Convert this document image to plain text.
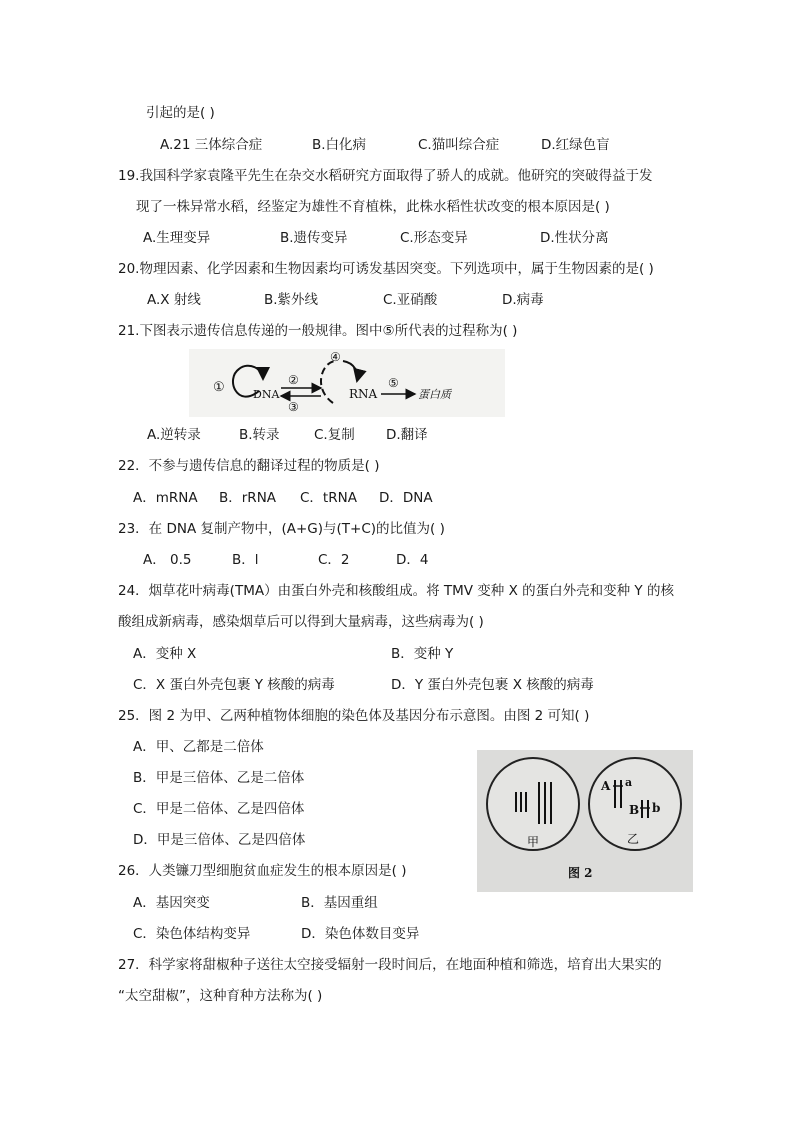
引起的是( )
A.21 三体综合症	B.白化病	C.猫叫综合症	D.红绿色盲
19.我国科学家袁隆平先生在杂交水稻研究方面取得了骄人的成就。他研究的突破得益于发
现了一株异常水稻，经鉴定为雄性不育植株，此株水稻性状改变的根本原因是( )
A.生理变异	B.遗传变异	C.形态变异	D.性状分离
20.物理因素、化学因素和生物因素均可诱发基因突变。下列选项中，属于生物因素的是( )
A.X 射线	B.紫外线	C.亚硝酸	D.病毒
21.下图表示遗传信息传递的一般规律。图中⑤所代表的过程称为( )
①	DNA
②
③
④
RNA
⑤
蛋白质
A.逆转录	B.转录	C.复制 D.翻译
22．不参与遗传信息的翻译过程的物质是( )
A．mRNA B．rRNA C．tRNA D．DNA
23．在 DNA 复制产物中，(A+G)与(T+C)的比值为( )
A． 0.5	B．l	C．2	D．4
24．烟草花叶病毒(TMA）由蛋白外壳和核酸组成。将 TMV 变种 X 的蛋白外壳和变种 Y 的核
酸组成新病毒，感染烟草后可以得到大量病毒，这些病毒为( )
A．变种 X	B．变种 Y
C．X 蛋白外壳包裹 Y 核酸的病毒	D．Y 蛋白外壳包裹 X 核酸的病毒
25．图 2 为甲、乙两种植物体细胞的染色体及基因分布示意图。由图 2 可知( )
A．甲、乙都是二倍体
B．甲是三倍体、乙是二倍体
C．甲是二倍体、乙是四倍体
D．甲是三倍体、乙是四倍体	甲
A a
B b
乙
图 2
26．人类镰刀型细胞贫血症发生的根本原因是( )
A．基因突变	B．基因重组
C．染色体结构变异	D．染色体数目变异
27．科学家将甜椒种子送往太空接受辐射一段时间后，在地面种植和筛选，培育出大果实的
“太空甜椒”，这种育种方法称为( )
